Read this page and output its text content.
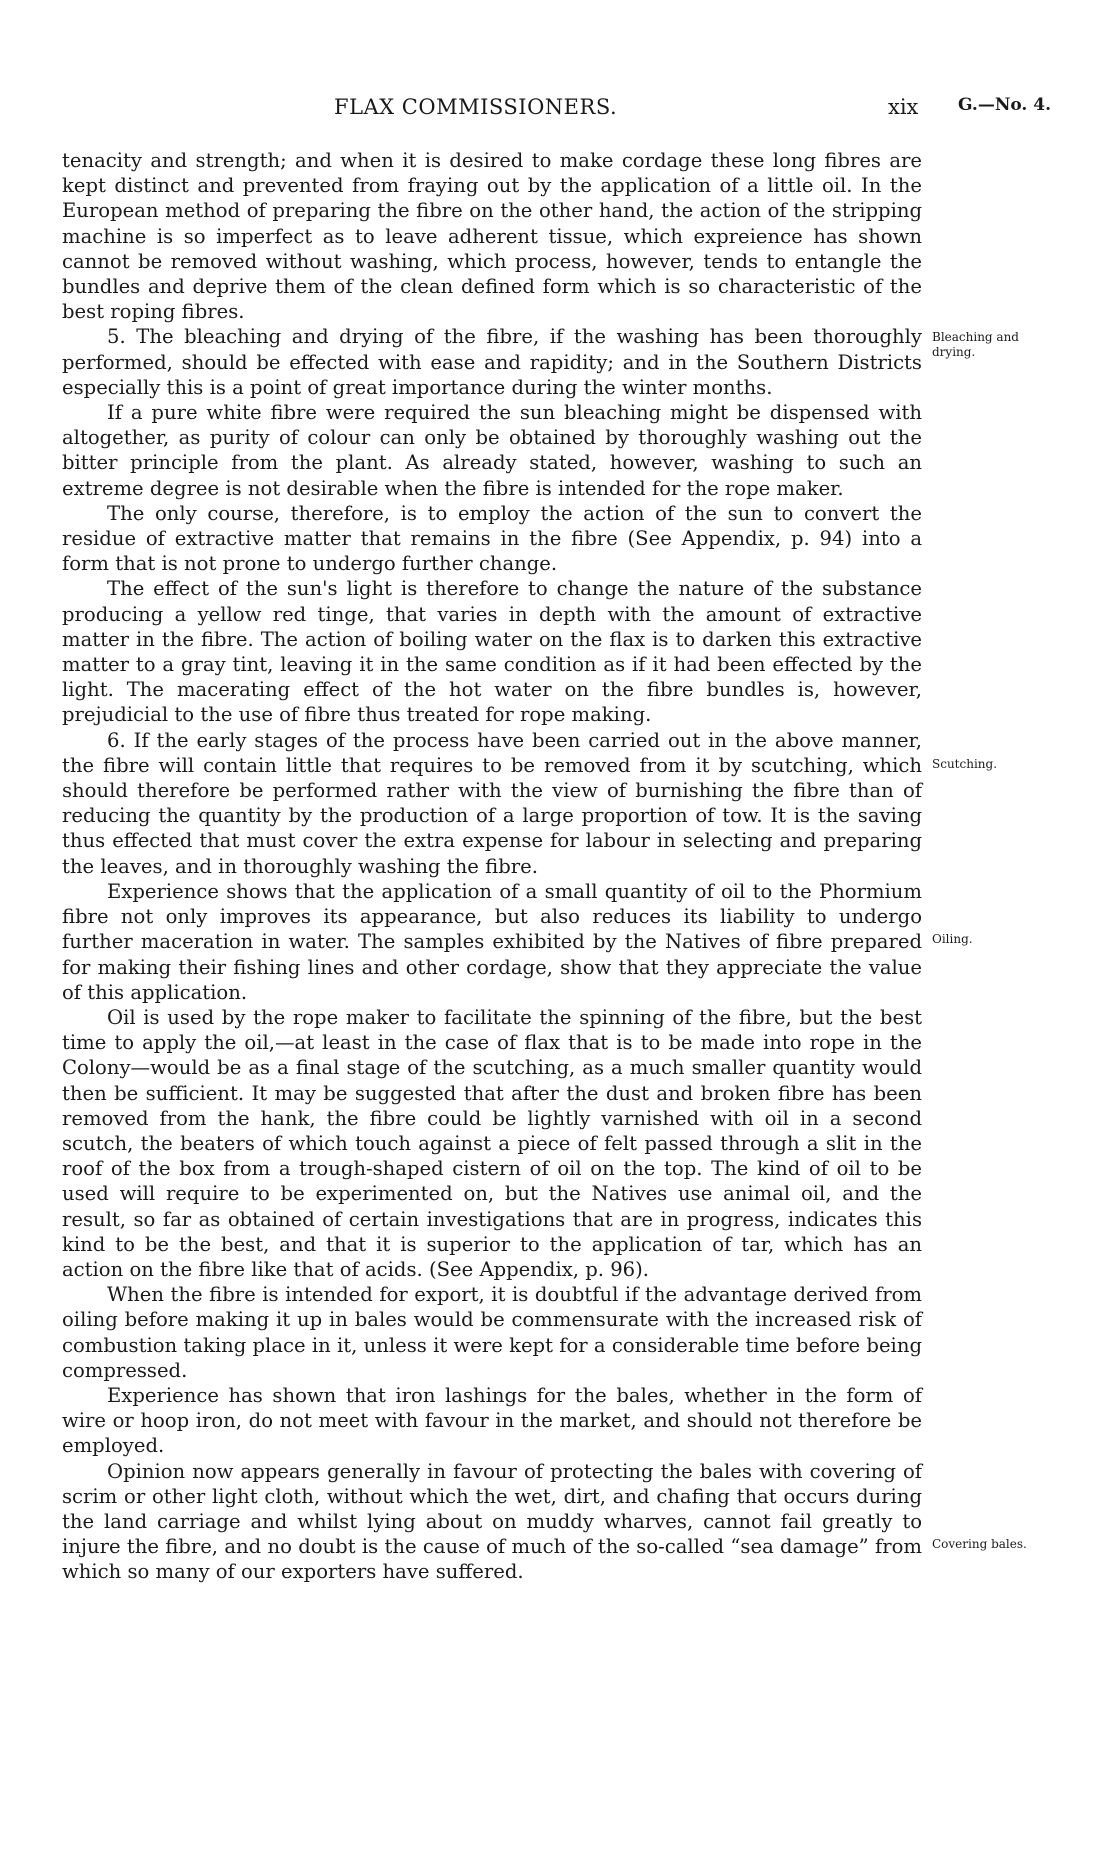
FLAX COMMISSIONERS.	xix G.—No. 4.

tenacity and strength; and when it is desired to make cordage these long fibres are kept distinct and prevented from fraying out by the application of a little oil. In the European method of preparing the fibre on the other hand, the action of the stripping machine is so imperfect as to leave adherent tissue, which expreience has shown cannot be removed without washing, which process, however, tends to entangle the bundles and deprive them of the clean defined form which is so characteristic of the best roping fibres.

5. The bleaching and drying of the fibre, if the washing has been thoroughly performed, should be effected with ease and rapidity; and in the Southern Districts especially this is a point of great importance during the winter months.

If a pure white fibre were required the sun bleaching might be dispensed with altogether, as purity of colour can only be obtained by thoroughly washing out the bitter principle from the plant. As already stated, however, washing to such an extreme degree is not desirable when the fibre is intended for the rope maker.

The only course, therefore, is to employ the action of the sun to convert the residue of extractive matter that remains in the fibre (See Appendix, p. 94) into a form that is not prone to undergo further change.

The effect of the sun's light is therefore to change the nature of the substance producing a yellow red tinge, that varies in depth with the amount of extractive matter in the fibre. The action of boiling water on the flax is to darken this extractive matter to a gray tint, leaving it in the same condition as if it had been effected by the light. The macerating effect of the hot water on the fibre bundles is, however, prejudicial to the use of fibre thus treated for rope making.

6. If the early stages of the process have been carried out in the above manner, the fibre will contain little that requires to be removed from it by scutching, which should therefore be performed rather with the view of burnishing the fibre than of reducing the quantity by the production of a large proportion of tow. It is the saving thus effected that must cover the extra expense for labour in selecting and preparing the leaves, and in thoroughly washing the fibre.

Experience shows that the application of a small quantity of oil to the Phormium fibre not only improves its appearance, but also reduces its liability to undergo further maceration in water. The samples exhibited by the Natives of fibre prepared for making their fishing lines and other cordage, show that they appreciate the value of this application.

Oil is used by the rope maker to facilitate the spinning of the fibre, but the best time to apply the oil,—at least in the case of flax that is to be made into rope in the Colony—would be as a final stage of the scutching, as a much smaller quantity would then be sufficient. It may be suggested that after the dust and broken fibre has been removed from the hank, the fibre could be lightly varnished with oil in a second scutch, the beaters of which touch against a piece of felt passed through a slit in the roof of the box from a trough-shaped cistern of oil on the top. The kind of oil to be used will require to be experimented on, but the Natives use animal oil, and the result, so far as obtained of certain investigations that are in progress, indicates this kind to be the best, and that it is superior to the application of tar, which has an action on the fibre like that of acids. (See Appendix, p. 96).

When the fibre is intended for export, it is doubtful if the advantage derived from oiling before making it up in bales would be commensurate with the increased risk of combustion taking place in it, unless it were kept for a considerable time before being compressed.

Experience has shown that iron lashings for the bales, whether in the form of wire or hoop iron, do not meet with favour in the market, and should not therefore be employed.

Opinion now appears generally in favour of protecting the bales with covering of scrim or other light cloth, without which the wet, dirt, and chafing that occurs during the land carriage and whilst lying about on muddy wharves, cannot fail greatly to injure the fibre, and no doubt is the cause of much of the so-called “sea damage” from which so many of our exporters have suffered.

Bleaching and drying.
Scutching.
Oiling.
Covering bales.
